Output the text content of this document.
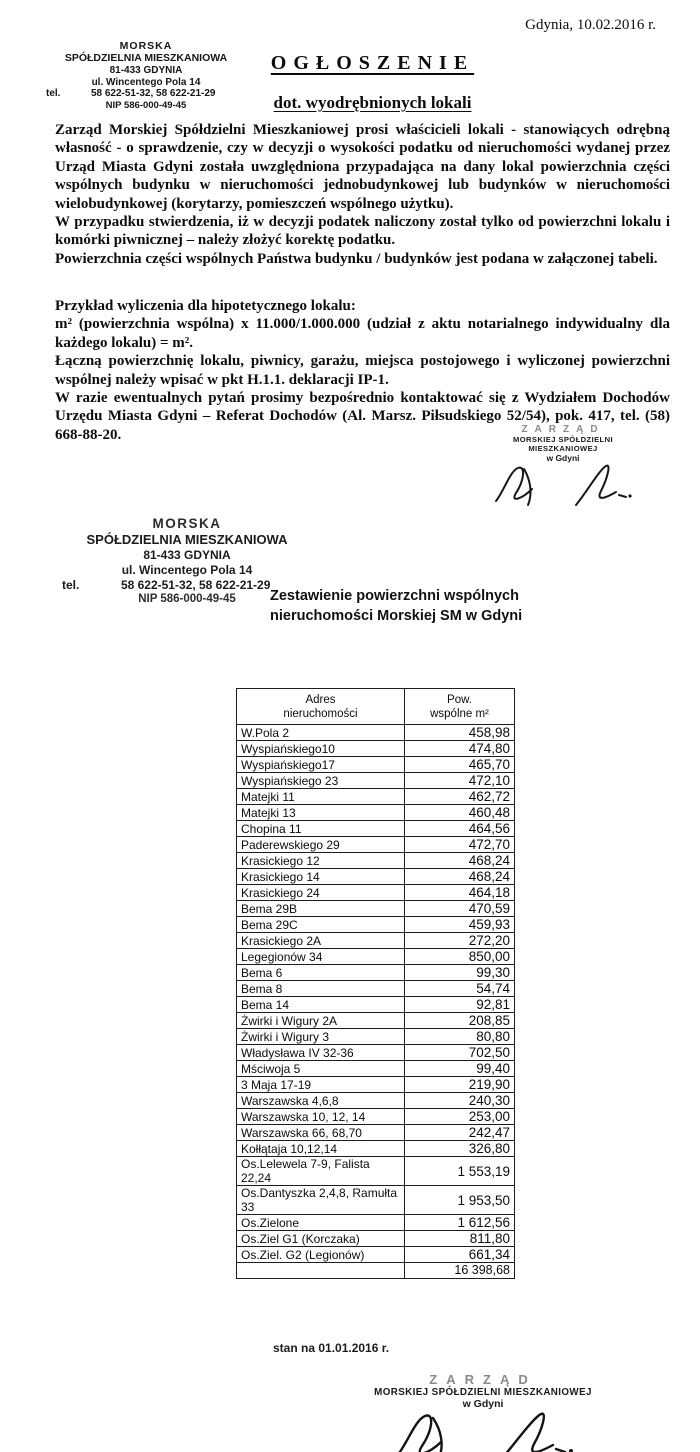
Gdynia, 10.02.2016 r.
MORSKA
SPÓŁDZIELNIA MIESZKANIOWA
81-433 GDYNIA
ul. Wincentego Pola 14
tel.	58 622-51-32, 58 622-21-29
NIP 586-000-49-45
OGŁOSZENIE
dot. wyodrębnionych lokali

Zarząd Morskiej Spółdzielni Mieszkaniowej prosi właścicieli lokali - stanowiących odrębną własność - o sprawdzenie, czy w decyzji o wysokości podatku od nieruchomości wydanej przez Urząd Miasta Gdyni została uwzględniona przypadająca na dany lokal powierzchnia części wspólnych budynku w nieruchomości jednobudynkowej lub budynków w nieruchomości wielobudynkowej (korytarzy, pomieszczeń wspólnego użytku).

W przypadku stwierdzenia, iż w decyzji podatek naliczony został tylko od powierzchni lokalu i komórki piwnicznej – należy złożyć korektę podatku.

Powierzchnia części wspólnych Państwa budynku / budynków jest podana w załączonej tabeli.

Przykład wyliczenia dla hipotetycznego lokalu:

m² (powierzchnia wspólna) x 11.000/1.000.000 (udział z aktu notarialnego indywidualny dla każdego lokalu) = m².

Łączną powierzchnię lokalu, piwnicy, garażu, miejsca postojowego i wyliczonej powierzchni wspólnej należy wpisać w pkt H.1.1. deklaracji IP-1.

W razie ewentualnych pytań prosimy bezpośrednio kontaktować się z Wydziałem Dochodów Urzędu Miasta Gdyni – Referat Dochodów (Al. Marsz. Piłsudskiego 52/54), pok. 417, tel. (58) 668-88-20.	ZARZĄD
MORSKIEJ SPÓŁDZIELNI MIESZKANIOWEJ
w Gdyni
MORSKA
SPÓŁDZIELNIA MIESZKANIOWA
81-433 GDYNIA
ul. Wincentego Pola 14
tel.	58 622-51-32, 58 622-21-29
NIP 586-000-49-45	Zestawienie powierzchni wspólnych
nieruchomości Morskiej SM w Gdyni
Adres
nieruchomości

Pow.
wspólne m²

W.Pola 2	458,98
Wyspiańskiego10	474,80
Wyspiańskiego17	465,70
Wyspiańskiego 23	472,10
Matejki 11	462,72
Matejki 13	460,48
Chopina 11	464,56
Paderewskiego 29	472,70
Krasickiego 12	468,24
Krasickiego 14	468,24
Krasickiego 24	464,18
Bema 29B	470,59
Bema 29C	459,93
Krasickiego 2A	272,20
Legegionów 34	850,00
Bema 6	99,30
Bema 8	54,74
Bema 14	92,81
Żwirki i Wigury 2A	208,85
Żwirki i Wigury 3	80,80
Władysława IV 32-36	702,50
Mściwoja 5	99,40
3 Maja 17-19	219,90
Warszawska 4,6,8	240,30
Warszawska 10, 12, 14	253,00
Warszawska 66, 68,70	242,47
Kołłątaja 10,12,14	326,80
Os.Lelewela 7-9, Falista 22,24	1 553,19
Os.Dantyszka 2,4,8, Ramułta 33	1 953,50
Os.Zielone	1 612,56
Os.Ziel G1 (Korczaka)	811,80
Os.Ziel. G2 (Legionów)	661,34
	16 398,68
stan na 01.01.2016 r.
ZARZĄD
MORSKIEJ SPÓŁDZIELNI MIESZKANIOWEJ
w Gdyni
